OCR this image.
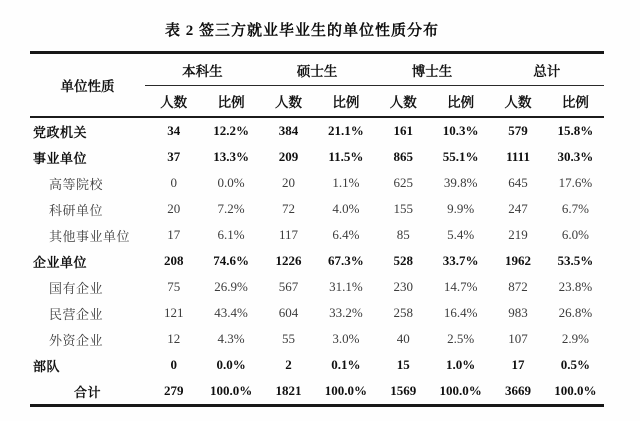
表 2 签三方就业毕业生的单位性质分布
单位性质	本科生		硕士生		博士生		总计	
	人数	比例	人数	比例	人数	比例	人数	比例
党政机关	34	12.2%	384	21.1%	161	10.3%	579	15.8%
事业单位	37	13.3%	209	11.5%	865	55.1%	1111	30.3%
高等院校	0	0.0%	20	1.1%	625	39.8%	645	17.6%
科研单位	20	7.2%	72	4.0%	155	9.9%	247	6.7%
其他事业单位	17	6.1%	117	6.4%	85	5.4%	219	6.0%
企业单位	208	74.6%	1226	67.3%	528	33.7%	1962	53.5%
国有企业	75	26.9%	567	31.1%	230	14.7%	872	23.8%
民营企业	121	43.4%	604	33.2%	258	16.4%	983	26.8%
外资企业	12	4.3%	55	3.0%	40	2.5%	107	2.9%
部队	0	0.0%	2	0.1%	15	1.0%	17	0.5%
合计	279	100.0%	1821	100.0%	1569	100.0%	3669	100.0%
